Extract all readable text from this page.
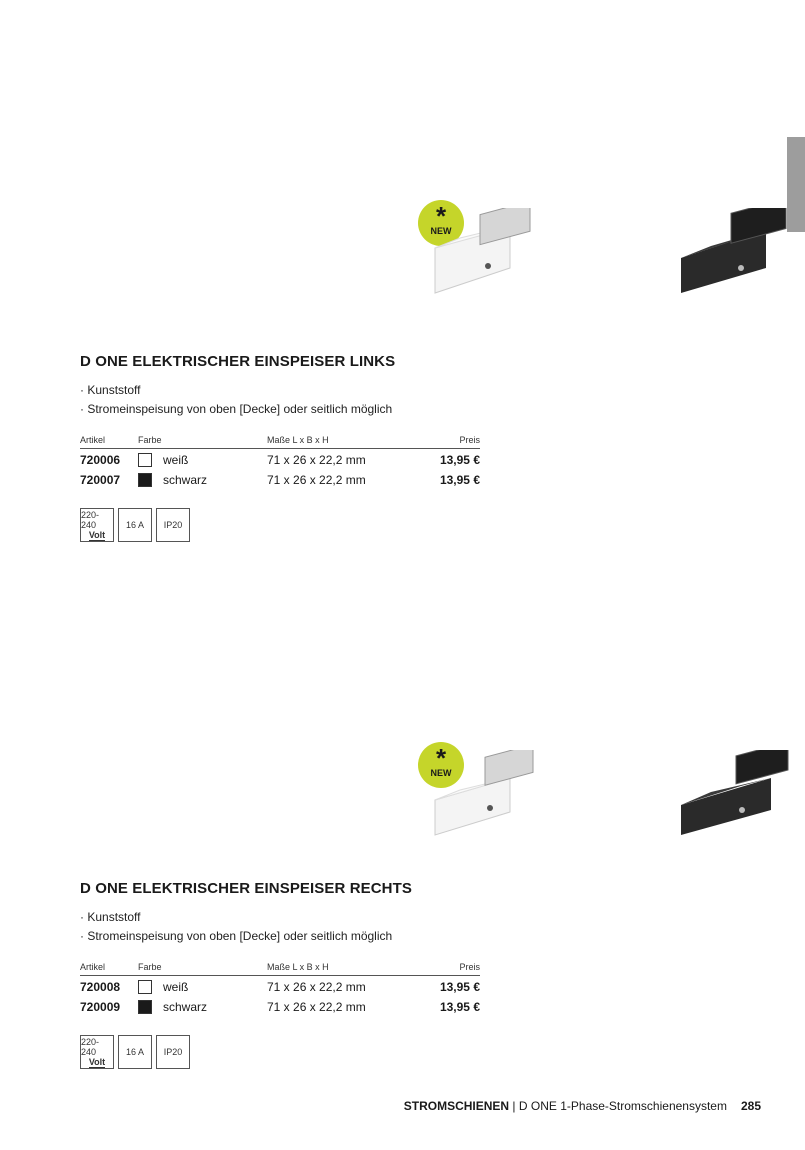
*
NEW
D ONE ELEKTRISCHER EINSPEISER LINKS
· Kunststoff
· Stromeinspeisung von oben [Decke] oder seitlich möglich
Artikel	Farbe		Maße L x B x H	Preis
720006		weiß	71 x 26 x 22,2 mm	13,95 €
720007		schwarz	71 x 26 x 22,2 mm	13,95 €
220-240
Volt
16 A	IP20
*
NEW
D ONE ELEKTRISCHER EINSPEISER RECHTS
· Kunststoff
· Stromeinspeisung von oben [Decke] oder seitlich möglich
Artikel	Farbe		Maße L x B x H	Preis
720008		weiß	71 x 26 x 22,2 mm	13,95 €
720009		schwarz	71 x 26 x 22,2 mm	13,95 €
220-240
Volt
16 A	IP20
STROMSCHIENEN | D ONE 1-Phase-Stromschienensystem 285
